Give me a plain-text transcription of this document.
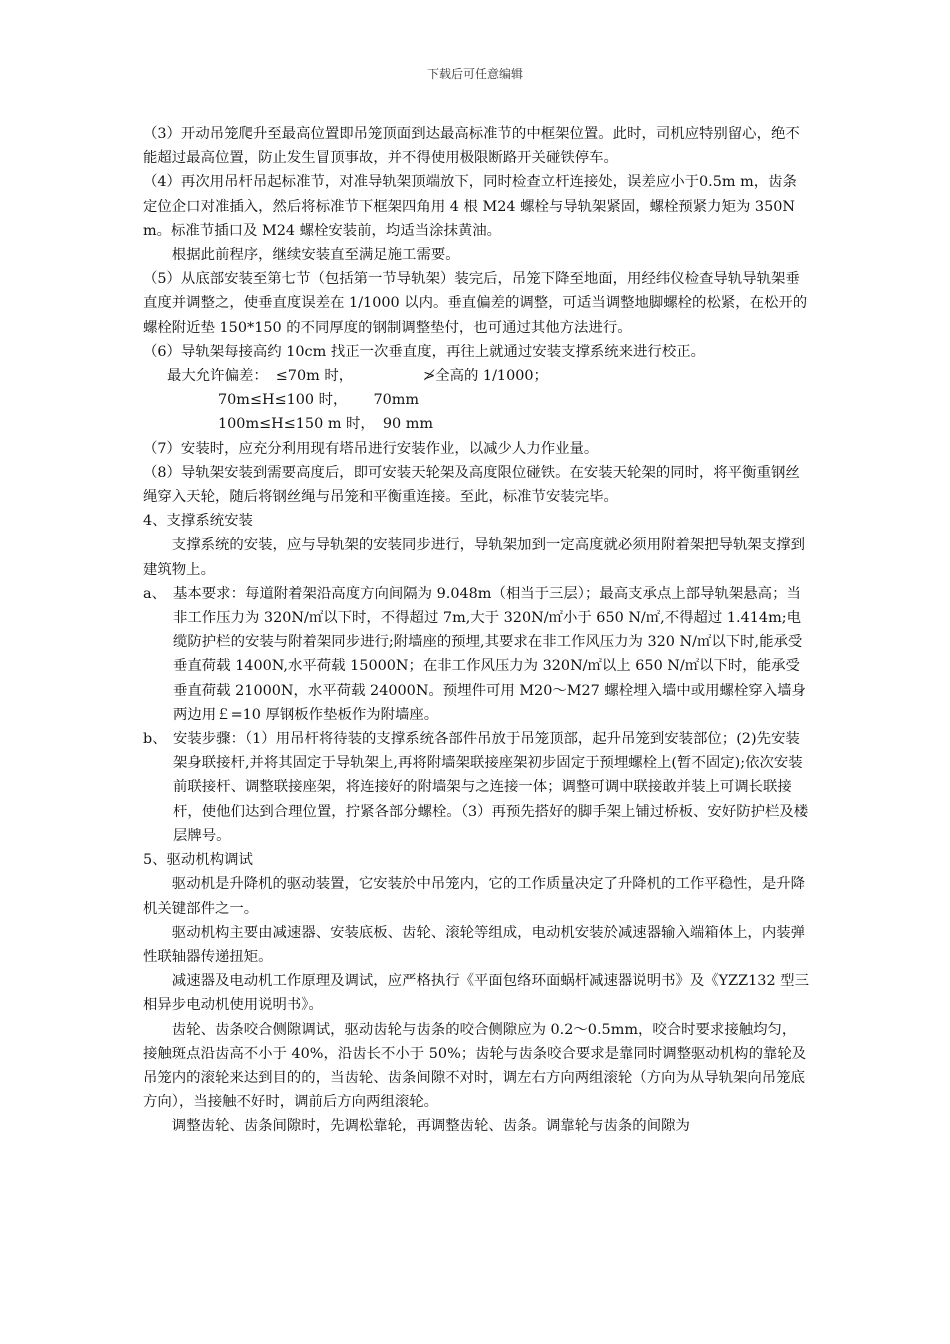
下载后可任意编辑

（3）开动吊笼爬升至最高位置即吊笼顶面到达最高标准节的中框架位置。此时，司机应特别留心，绝不能超过最高位置，防止发生冒顶事故，并不得使用极限断路开关碰铁停车。

（4）再次用吊杆吊起标准节，对准导轨架顶端放下，同时检查立杆连接处，误差应小于0.5m m，齿条定位企口对准插入，然后将标准节下框架四角用 4 根 M24 螺栓与导轨架紧固，螺栓预紧力矩为 350Nm。标准节插口及 M24 螺栓安装前，均适当涂抹黄油。

根据此前程序，继续安装直至满足施工需要。

（5）从底部安装至第七节（包括第一节导轨架）装完后，吊笼下降至地面，用经纬仪检查导轨导轨架垂直度并调整之，使垂直度误差在 1/1000 以内。垂直偏差的调整，可适当调整地脚螺栓的松紧，在松开的螺栓附近垫 150*150 的不同厚度的钢制调整垫付，也可通过其他方法进行。

（6）导轨架每接高约 10cm 找正一次垂直度，再往上就通过安装支撑系统来进行校正。

最大允许偏差： ≤70m 时，	≯全高的 1/1000；

70m≤H≤100 时， 70mm

100m≤H≤150 m 时， 90 mm

（7）安装时，应充分利用现有塔吊进行安装作业，以减少人力作业量。

（8）导轨架安装到需要高度后，即可安装天轮架及高度限位碰铁。在安装天轮架的同时，将平衡重钢丝绳穿入天轮，随后将钢丝绳与吊笼和平衡重连接。至此，标准节安装完毕。

4、支撑系统安装

支撑系统的安装，应与导轨架的安装同步进行，导轨架加到一定高度就必须用附着架把导轨架支撑到建筑物上。

a、 基本要求：每道附着架沿高度方向间隔为 9.048m（相当于三层）；最高支承点上部导轨架悬高；当非工作压力为 320N/㎡以下时，不得超过 7m,大于 320N/㎡小于 650 N/㎡,不得超过 1.414m;电缆防护栏的安装与附着架同步进行;附墙座的预埋,其要求在非工作风压力为 320 N/㎡以下时,能承受垂直荷载 1400N,水平荷载 15000N；在非工作风压力为 320N/㎡以上 650 N/㎡以下时，能承受垂直荷载 21000N，水平荷载 24000N。预埋件可用 M20～M27 螺栓埋入墙中或用螺栓穿入墙身两边用￡=10 厚钢板作垫板作为附墙座。
b、 安装步骤：（1）用吊杆将待装的支撑系统各部件吊放于吊笼顶部，起升吊笼到安装部位；(2)先安装架身联接杆,并将其固定于导轨架上,再将附墙架联接座架初步固定于预埋螺栓上(暂不固定);依次安装前联接杆、调整联接座架，将连接好的附墙架与之连接一体；调整可调中联接敢并装上可调长联接杆，使他们达到合理位置，拧紧各部分螺栓。（3）再预先搭好的脚手架上铺过桥板、安好防护栏及楼层牌号。

5、驱动机构调试

驱动机是升降机的驱动装置，它安装於中吊笼内，它的工作质量决定了升降机的工作平稳性，是升降机关键部件之一。

驱动机构主要由减速器、安装底板、齿轮、滚轮等组成，电动机安装於减速器输入端箱体上，内装弹性联轴器传递扭矩。

减速器及电动机工作原理及调试，应严格执行《平面包络环面蜗杆减速器说明书》及《YZZ132 型三相异步电动机使用说明书》。

齿轮、齿条咬合侧隙调试，驱动齿轮与齿条的咬合侧隙应为 0.2～0.5mm，咬合时要求接触均匀，接触斑点沿齿高不小于 40%，沿齿长不小于 50%；齿轮与齿条咬合要求是靠同时调整驱动机构的靠轮及吊笼内的滚轮来达到目的的，当齿轮、齿条间隙不对时，调左右方向两组滚轮（方向为从导轨架向吊笼底方向），当接触不好时，调前后方向两组滚轮。

调整齿轮、齿条间隙时，先调松靠轮，再调整齿轮、齿条。调靠轮与齿条的间隙为
